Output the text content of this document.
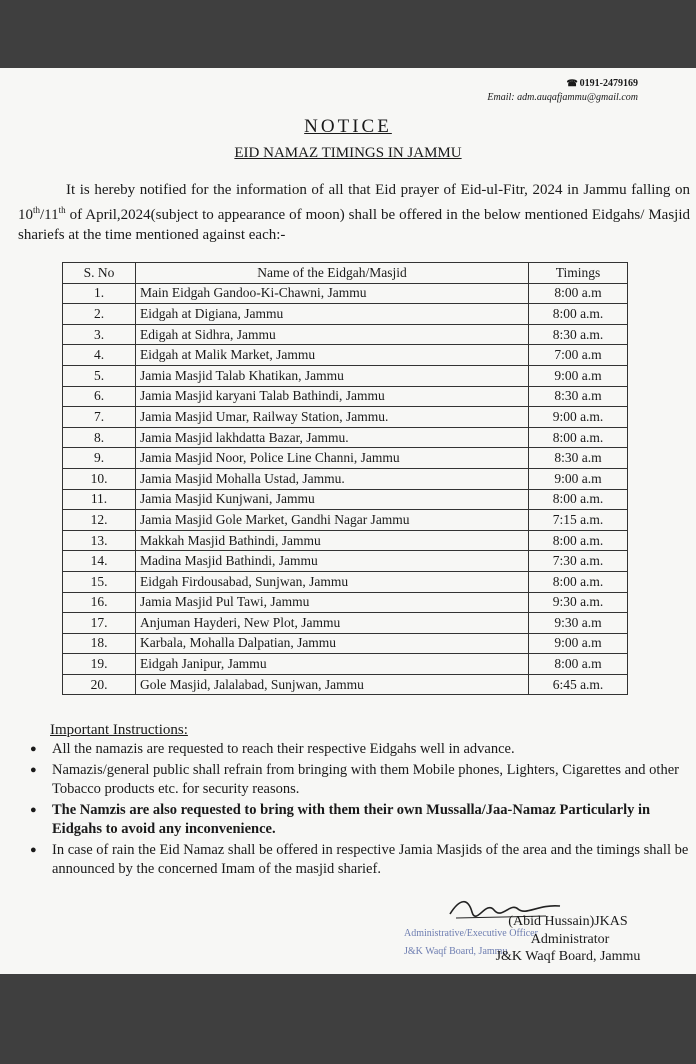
☎ 0191-2479169
Email: adm.auqafjammu@gmail.com
NOTICE
EID NAMAZ TIMINGS IN JAMMU
It is hereby notified for the information of all that Eid prayer of Eid-ul-Fitr, 2024 in Jammu falling on 10th/11th of April,2024(subject to appearance of moon) shall be offered in the below mentioned Eidgahs/ Masjid shariefs at the time mentioned against each:-
S. No	Name of the Eidgah/Masjid	Timings
1.	Main Eidgah Gandoo-Ki-Chawni, Jammu	8:00 a.m
2.	Eidgah at Digiana, Jammu	8:00 a.m.
3.	Edigah at Sidhra, Jammu	8:30 a.m.
4.	Eidgah at Malik Market, Jammu	7:00 a.m
5.	Jamia Masjid Talab Khatikan, Jammu	9:00 a.m
6.	Jamia Masjid karyani Talab Bathindi, Jammu	8:30 a.m
7.	Jamia Masjid Umar, Railway Station, Jammu.	9:00 a.m.
8.	Jamia Masjid lakhdatta Bazar, Jammu.	8:00 a.m.
9.	Jamia Masjid Noor, Police Line Channi, Jammu	8:30 a.m
10.	Jamia Masjid Mohalla Ustad, Jammu.	9:00 a.m
11.	Jamia Masjid Kunjwani, Jammu	8:00 a.m.
12.	Jamia Masjid Gole Market, Gandhi Nagar Jammu	7:15 a.m.
13.	Makkah Masjid Bathindi, Jammu	8:00 a.m.
14.	Madina Masjid Bathindi, Jammu	7:30 a.m.
15.	Eidgah Firdousabad, Sunjwan, Jammu	8:00 a.m.
16.	Jamia Masjid Pul Tawi, Jammu	9:30 a.m.
17.	Anjuman Hayderi, New Plot, Jammu	9:30 a.m
18.	Karbala, Mohalla Dalpatian, Jammu	9:00 a.m
19.	Eidgah Janipur, Jammu	8:00 a.m
20.	Gole Masjid, Jalalabad, Sunjwan, Jammu	6:45 a.m.
Important Instructions:
● All the namazis are requested to reach their respective Eidgahs well in advance.
● Namazis/general public shall refrain from bringing with them Mobile phones, Lighters, Cigarettes and other Tobacco products etc. for security reasons.
● The Namzis are also requested to bring with them their own Mussalla/Jaa-Namaz Particularly in Eidgahs to avoid any inconvenience.
● In case of rain the Eid Namaz shall be offered in respective Jamia Masjids of the area and the timings shall be announced by the concerned Imam of the masjid sharief.
Administrative/Executive Officer
J&K Waqf Board, Jammu
(Abid Hussain)JKAS
Administrator
J&K Waqf Board, Jammu
